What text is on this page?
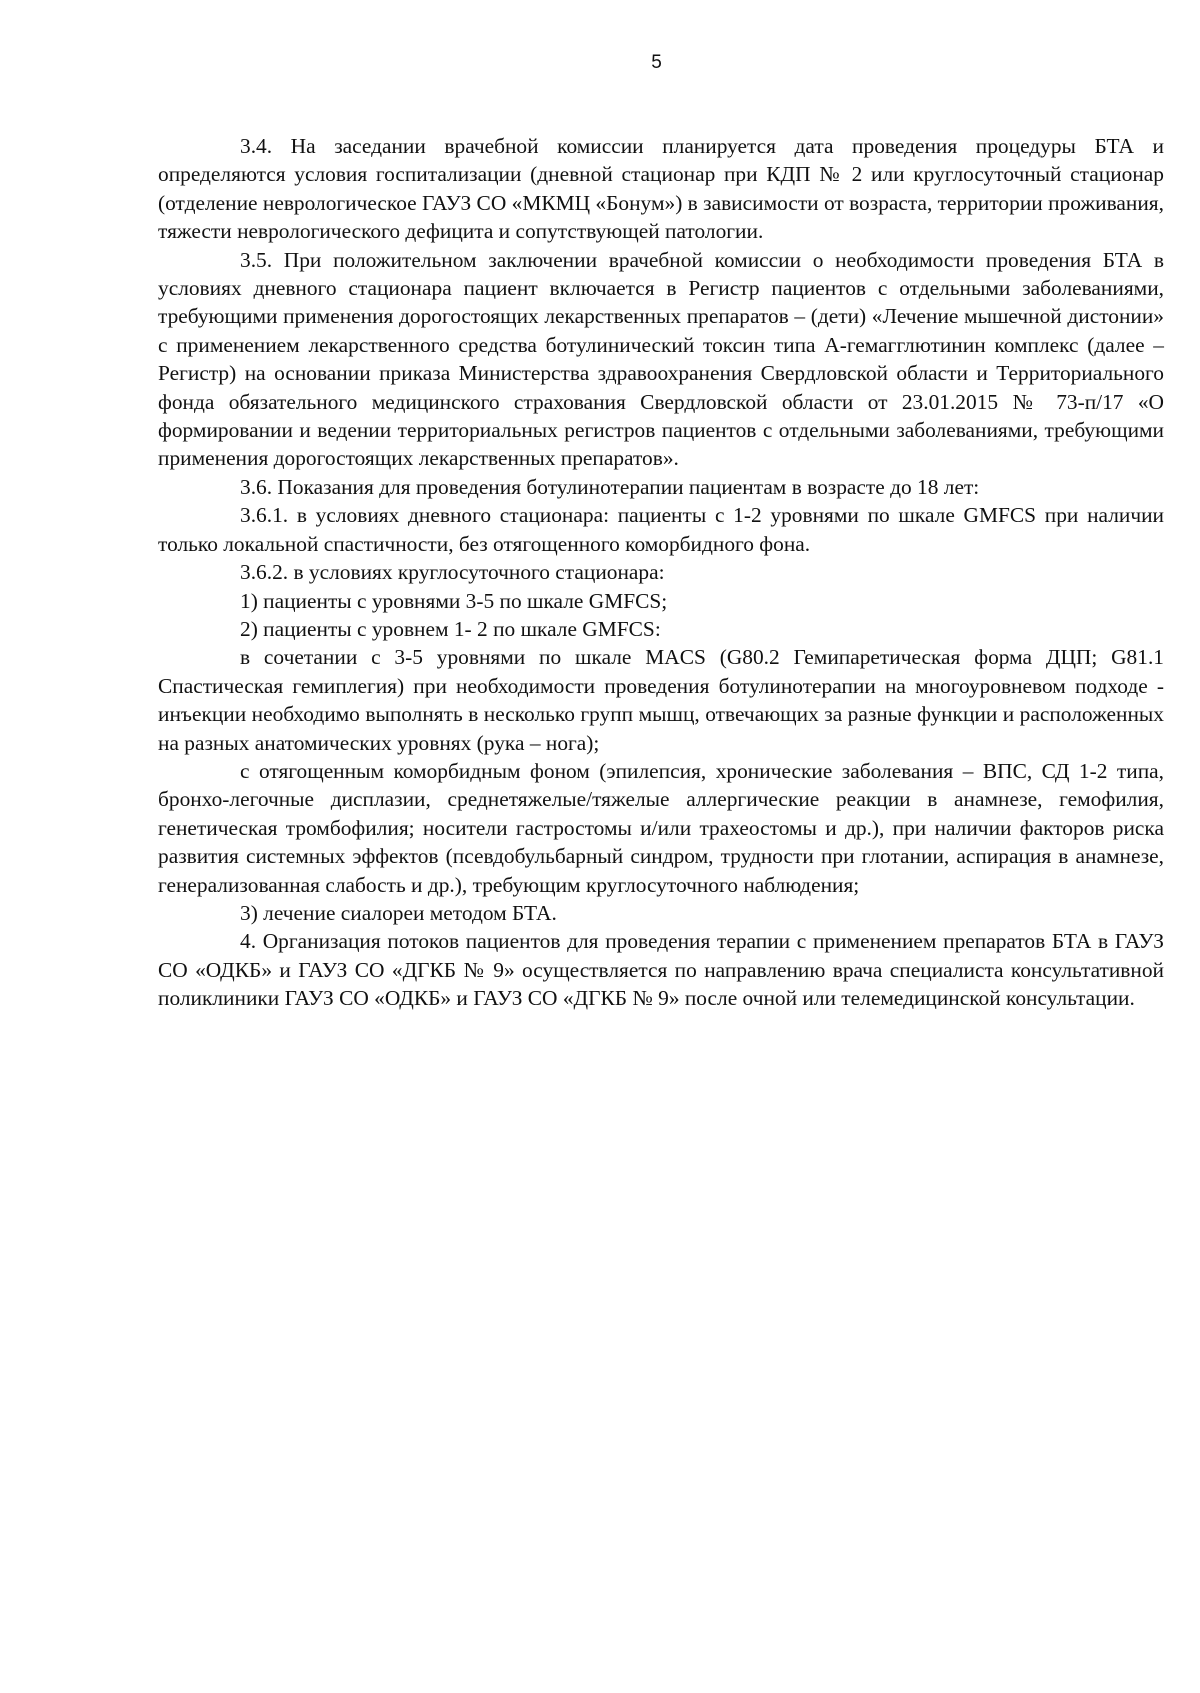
5

3.4. На заседании врачебной комиссии планируется дата проведения процедуры БТА и определяются условия госпитализации (дневной стационар при КДП № 2 или круглосуточный стационар (отделение неврологическое ГАУЗ СО «МКМЦ «Бонум») в зависимости от возраста, территории проживания, тяжести неврологического дефицита и сопутствующей патологии.

3.5. При положительном заключении врачебной комиссии о необходимости проведения БТА в условиях дневного стационара пациент включается в Регистр пациентов с отдельными заболеваниями, требующими применения дорогостоящих лекарственных препаратов – (дети) «Лечение мышечной дистонии» с применением лекарственного средства ботулинический токсин типа А-гемагглютинин комплекс (далее – Регистр) на основании приказа Министерства здравоохранения Свердловской области и Территориального фонда обязательного медицинского страхования Свердловской области от 23.01.2015 № 73-п/17 «О формировании и ведении территориальных регистров пациентов с отдельными заболеваниями, требующими применения дорогостоящих лекарственных препаратов».

3.6. Показания для проведения ботулинотерапии пациентам в возрасте до 18 лет:

3.6.1. в условиях дневного стационара: пациенты с 1-2 уровнями по шкале GMFCS при наличии только локальной спастичности, без отягощенного коморбидного фона.

3.6.2. в условиях круглосуточного стационара:

1) пациенты с уровнями 3-5 по шкале GMFCS;

2) пациенты с уровнем 1- 2 по шкале GMFCS:

в сочетании с 3-5 уровнями по шкале MACS (G80.2 Гемипаретическая форма ДЦП; G81.1 Спастическая гемиплегия) при необходимости проведения ботулинотерапии на многоуровневом подходе - инъекции необходимо выполнять в несколько групп мышц, отвечающих за разные функции и расположенных на разных анатомических уровнях (рука – нога);

с отягощенным коморбидным фоном (эпилепсия, хронические заболевания – ВПС, СД 1-2 типа, бронхо-легочные дисплазии, среднетяжелые/тяжелые аллергические реакции в анамнезе, гемофилия, генетическая тромбофилия; носители гастростомы и/или трахеостомы и др.), при наличии факторов риска развития системных эффектов (псевдобульбарный синдром, трудности при глотании, аспирация в анамнезе, генерализованная слабость и др.), требующим круглосуточного наблюдения;

3) лечение сиалореи методом БТА.

4. Организация потоков пациентов для проведения терапии с применением препаратов БТА в ГАУЗ СО «ОДКБ» и ГАУЗ СО «ДГКБ № 9» осуществляется по направлению врача специалиста консультативной поликлиники ГАУЗ СО «ОДКБ» и ГАУЗ СО «ДГКБ № 9» после очной или телемедицинской консультации.
